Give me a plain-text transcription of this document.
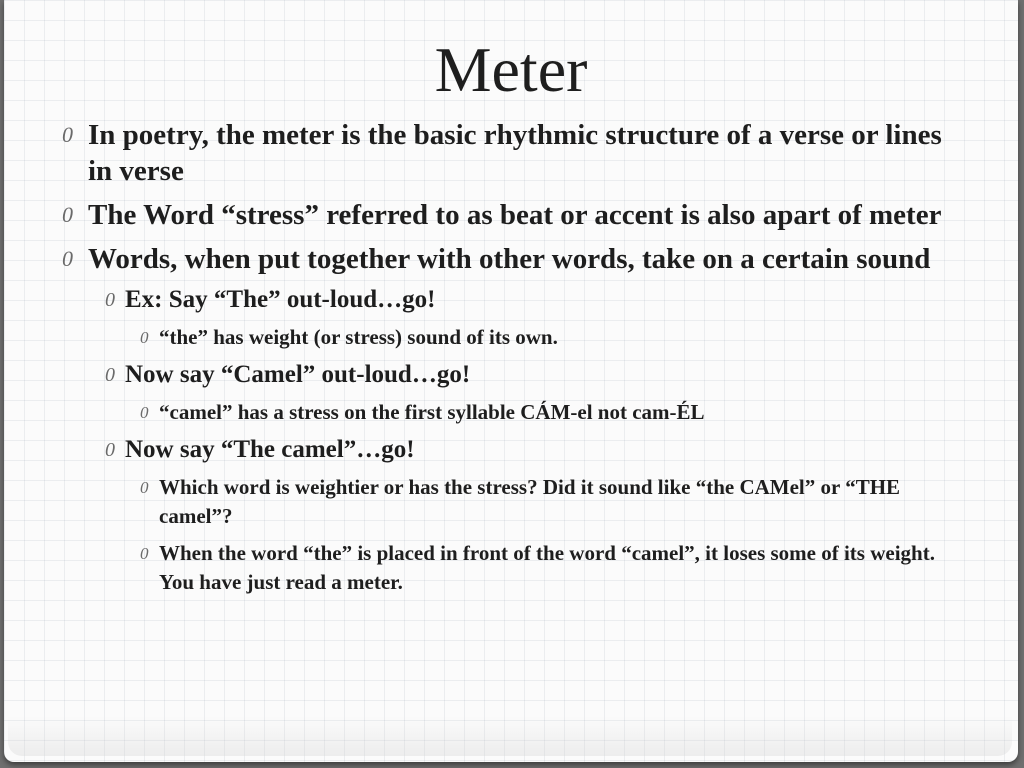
Meter
0 In poetry, the meter is the basic rhythmic structure of a verse or lines in verse
0 The Word “stress” referred to as beat or accent is also apart of meter
0 Words, when put together with other words, take on a certain sound
0 Ex: Say “The” out-loud…go!
0 “the” has weight (or stress) sound of its own.
0 Now say “Camel” out-loud…go!
0 “camel” has a stress on the first syllable CÁM-el not cam-ÉL
0 Now say “The camel”…go!
0 Which word is weightier or has the stress? Did it sound like “the CAMel” or “THE camel”?
0 When the word “the” is placed in front of the word “camel”, it loses some of its weight. You have just read a meter.
